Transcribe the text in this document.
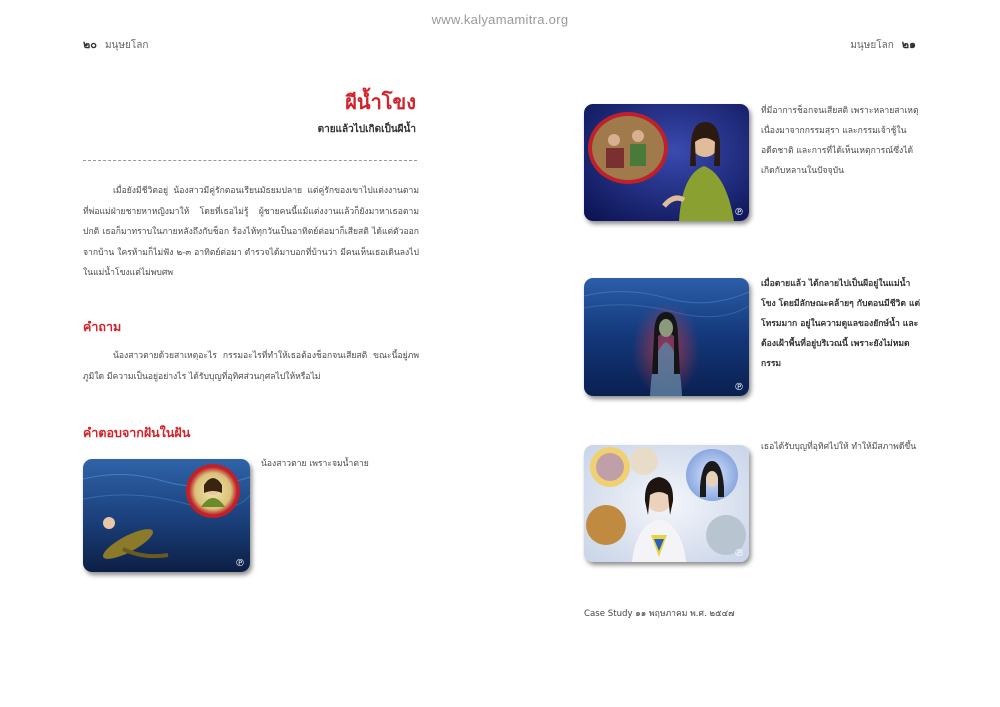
www.kalyamamitra.org
๒๐ มนุษยโลก
ผีน้ำโขง
ตายแล้วไปเกิดเป็นผีน้ำ
เมื่อยังมีชีวิตอยู่ น้องสาวมีคู่รักตอนเรียนมัธยมปลาย แต่คู่รักของเขาไปแต่งงานตามที่พ่อแม่ฝ่ายชายหาหญิงมาให้ โดยที่เธอไม่รู้ ผู้ชายคนนี้แม้แต่งงานแล้วก็ยังมาหาเธอตามปกติ เธอก็มาทราบในภายหลังถึงกับช็อก ร้องไห้ทุกวันเป็นอาทิตย์ต่อมาก็เสียสติ ได้แต่ตัวออกจากบ้าน ใครห้ามก็ไม่ฟัง ๒-๓ อาทิตย์ต่อมา ตำรวจได้มาบอกที่บ้านว่า มีคนเห็นเธอเดินลงไปในแม่น้ำโขงแต่ไม่พบศพ
คำถาม
น้องสาวตายด้วยสาเหตุอะไร กรรมอะไรที่ทำให้เธอต้องช็อกจนเสียสติ ขณะนี้อยู่ภพภูมิใด มีความเป็นอยู่อย่างไร ได้รับบุญที่อุทิศส่วนกุศลไปให้หรือไม่
คำตอบจากฝันในฝัน
℗
น้องสาวตาย เพราะจมน้ำตาย
มนุษยโลก ๒๑
℗
ที่มีอาการช็อกจนเสียสติ เพราะหลายสาเหตุ เนื่องมาจากกรรมสุรา และกรรมเจ้าชู้ในอดีตชาติ และการที่ได้เห็นเหตุการณ์ซึ่งได้เกิดกับหลานในปัจจุบัน
℗
เมื่อตายแล้ว ได้กลายไปเป็นผีอยู่ในแม่น้ำโขง โดยมีลักษณะคล้ายๆ กับตอนมีชีวิต แต่โทรมมาก อยู่ในความดูแลของยักษ์น้ำ และต้องเฝ้าพื้นที่อยู่บริเวณนี้ เพราะยังไม่หมดกรรม
℗
เธอได้รับบุญที่อุทิศไปให้ ทำให้มีสภาพดีขึ้น
Case Study ๑๑ พฤษภาคม พ.ศ. ๒๕๔๗
